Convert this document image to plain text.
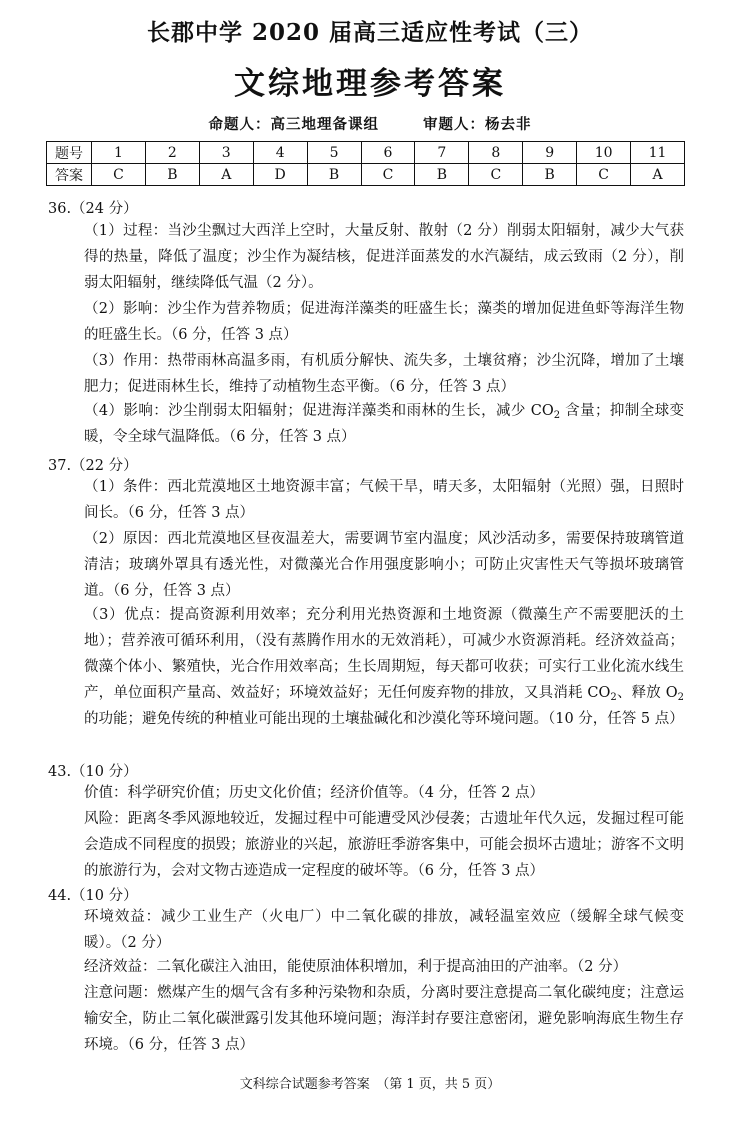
长郡中学 2020 届高三适应性考试（三）
文综地理参考答案
命题人：高三地理备课组	审题人：杨去非
题号	1	2	3	4	5	6	7	8	9	10	11
答案	C	B	A	D	B	C	B	C	B	C	A
36.（24 分）
（1）过程：当沙尘飘过大西洋上空时，大量反射、散射（2 分）削弱太阳辐射，减少大气获得的热量，降低了温度；沙尘作为凝结核，促进洋面蒸发的水汽凝结，成云致雨（2 分），削弱太阳辐射，继续降低气温（2 分）。
（2）影响：沙尘作为营养物质；促进海洋藻类的旺盛生长；藻类的增加促进鱼虾等海洋生物的旺盛生长。（6 分，任答 3 点）
（3）作用：热带雨林高温多雨，有机质分解快、流失多，土壤贫瘠；沙尘沉降，增加了土壤肥力；促进雨林生长，维持了动植物生态平衡。（6 分，任答 3 点）
（4）影响：沙尘削弱太阳辐射；促进海洋藻类和雨林的生长，减少 $CO_2$ 含量；抑制全球变暖，令全球气温降低。（6 分，任答 3 点）
37.（22 分）
（1）条件：西北荒漠地区土地资源丰富；气候干旱，晴天多，太阳辐射（光照）强，日照时间长。（6 分，任答 3 点）
（2）原因：西北荒漠地区昼夜温差大，需要调节室内温度；风沙活动多，需要保持玻璃管道清洁；玻璃外罩具有透光性，对微藻光合作用强度影响小；可防止灾害性天气等损坏玻璃管道。（6 分，任答 3 点）
（3）优点：提高资源利用效率；充分利用光热资源和土地资源（微藻生产不需要肥沃的土地）；营养液可循环利用，（没有蒸腾作用水的无效消耗），可减少水资源消耗。经济效益高；微藻个体小、繁殖快，光合作用效率高；生长周期短，每天都可收获；可实行工业化流水线生产，单位面积产量高、效益好；环境效益好；无任何废弃物的排放，又具消耗 $CO_2$、释放 $O_2$ 的功能；避免传统的种植业可能出现的土壤盐碱化和沙漠化等环境问题。（10 分，任答 5 点）
43.（10 分）
价值：科学研究价值；历史文化价值；经济价值等。（4 分，任答 2 点）
风险：距离冬季风源地较近，发掘过程中可能遭受风沙侵袭；古遗址年代久远，发掘过程可能会造成不同程度的损毁；旅游业的兴起，旅游旺季游客集中，可能会损坏古遗址；游客不文明的旅游行为，会对文物古迹造成一定程度的破坏等。（6 分，任答 3 点）
44.（10 分）
环境效益：减少工业生产（火电厂）中二氧化碳的排放，减轻温室效应（缓解全球气候变暖）。（2 分）
经济效益：二氧化碳注入油田，能使原油体积增加，利于提高油田的产油率。（2 分）
注意问题：燃煤产生的烟气含有多种污染物和杂质，分离时要注意提高二氧化碳纯度；注意运输安全，防止二氧化碳泄露引发其他环境问题；海洋封存要注意密闭，避免影响海底生物生存环境。（6 分，任答 3 点）
文科综合试题参考答案　（第 1 页，共 5 页）
